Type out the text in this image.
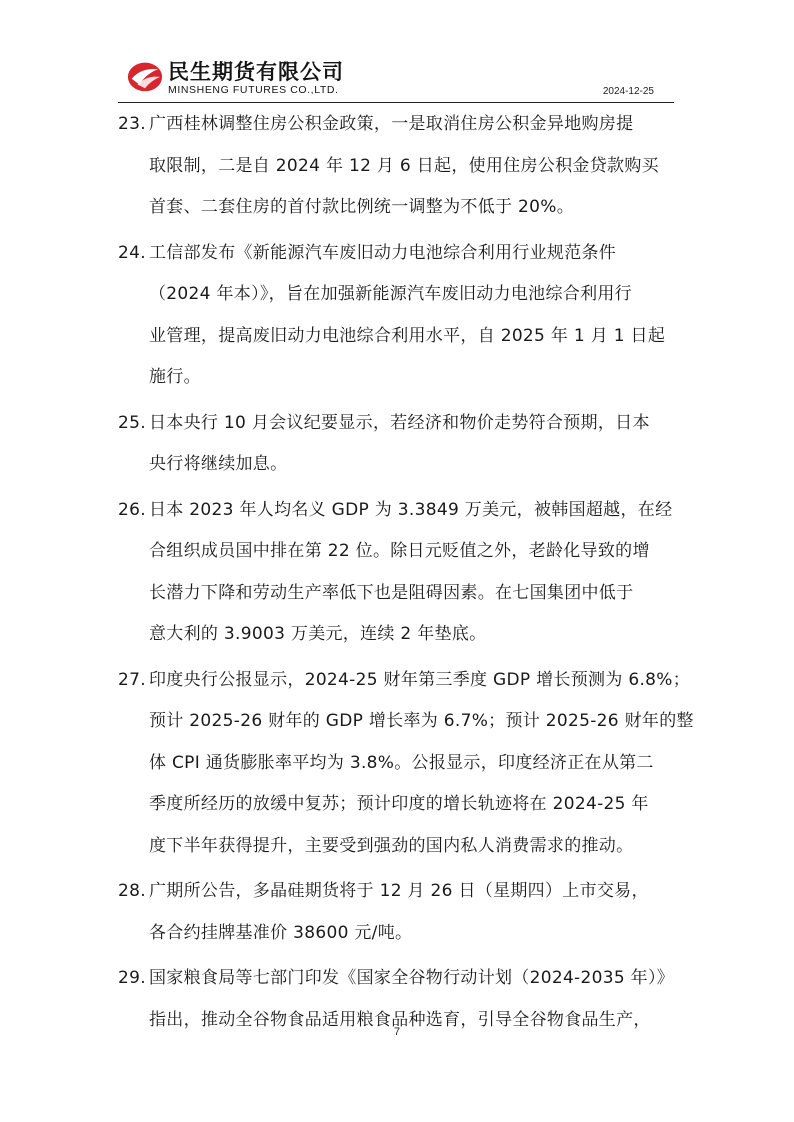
民生期货有限公司
MINSHENG FUTURES CO.,LTD.	2024-12-25
23. 广西桂林调整住房公积金政策，一是取消住房公积金异地购房提
取限制，二是自 2024 年 12 月 6 日起，使用住房公积金贷款购买
首套、二套住房的首付款比例统一调整为不低于 20%。
24. 工信部发布《新能源汽车废旧动力电池综合利用行业规范条件
（2024 年本）》，旨在加强新能源汽车废旧动力电池综合利用行
业管理，提高废旧动力电池综合利用水平，自 2025 年 1 月 1 日起
施行。
25. 日本央行 10 月会议纪要显示，若经济和物价走势符合预期，日本
央行将继续加息。
26. 日本 2023 年人均名义 GDP 为 3.3849 万美元，被韩国超越，在经
合组织成员国中排在第 22 位。除日元贬值之外，老龄化导致的增
长潜力下降和劳动生产率低下也是阻碍因素。在七国集团中低于
意大利的 3.9003 万美元，连续 2 年垫底。
27. 印度央行公报显示，2024-25 财年第三季度 GDP 增长预测为 6.8%；
预计 2025-26 财年的 GDP 增长率为 6.7%；预计 2025-26 财年的整
体 CPI 通货膨胀率平均为 3.8%。公报显示，印度经济正在从第二
季度所经历的放缓中复苏；预计印度的增长轨迹将在 2024-25 年
度下半年获得提升，主要受到强劲的国内私人消费需求的推动。
28. 广期所公告，多晶硅期货将于 12 月 26 日（星期四）上市交易，
各合约挂牌基准价 38600 元/吨。
29. 国家粮食局等七部门印发《国家全谷物行动计划（2024-2035 年）》
指出，推动全谷物食品适用粮食品种选育，引导全谷物食品生产，
7
